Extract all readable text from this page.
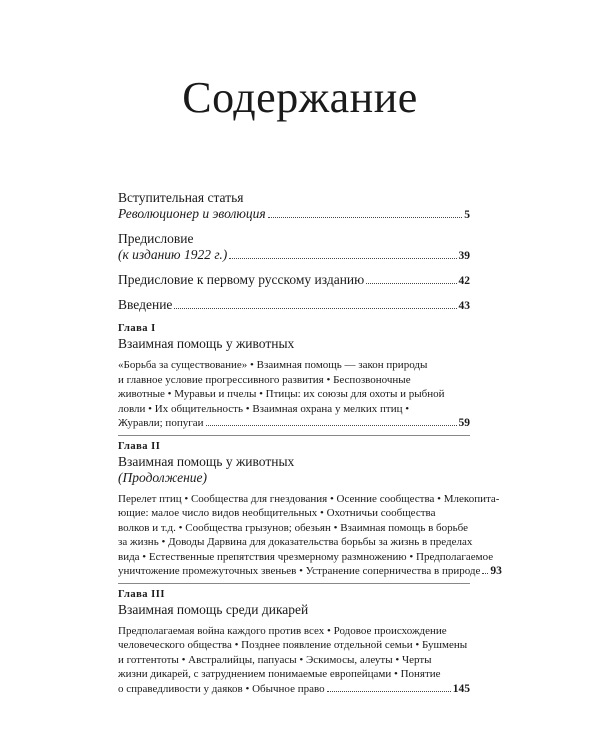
Содержание
Вступительная статья
Революционер и эволюция	5
Предисловие
(к изданию 1922 г.)	39
Предисловие к первому русскому изданию	42
Введение	43
Глава I
Взаимная помощь у животных
«Борьба за существование» • Взаимная помощь — закон природы
и главное условие прогрессивного развития • Беспозвоночные
животные • Муравьи и пчелы • Птицы: их союзы для охоты и рыбной
ловли • Их общительность • Взаимная охрана у мелких птиц •
Журавли; попугаи	59
Глава II
Взаимная помощь у животных
(Продолжение)
Перелет птиц • Сообщества для гнездования • Осенние сообщества • Млекопита-
ющие: малое число видов необщительных • Охотничьи сообщества
волков и т.д. • Сообщества грызунов; обезьян • Взаимная помощь в борьбе
за жизнь • Доводы Дарвина для доказательства борьбы за жизнь в пределах
вида • Естественные препятствия чрезмерному размножению • Предполагаемое
уничтожение промежуточных звеньев • Устранение соперничества в природе 93
Глава III
Взаимная помощь среди дикарей
Предполагаемая война каждого против всех • Родовое происхождение
человеческого общества • Позднее появление отдельной семьи • Бушмены
и готтентоты • Австралийцы, папуасы • Эскимосы, алеуты • Черты
жизни дикарей, с затруднением понимаемые европейцами • Понятие
о справедливости у даяков • Обычное право	145
